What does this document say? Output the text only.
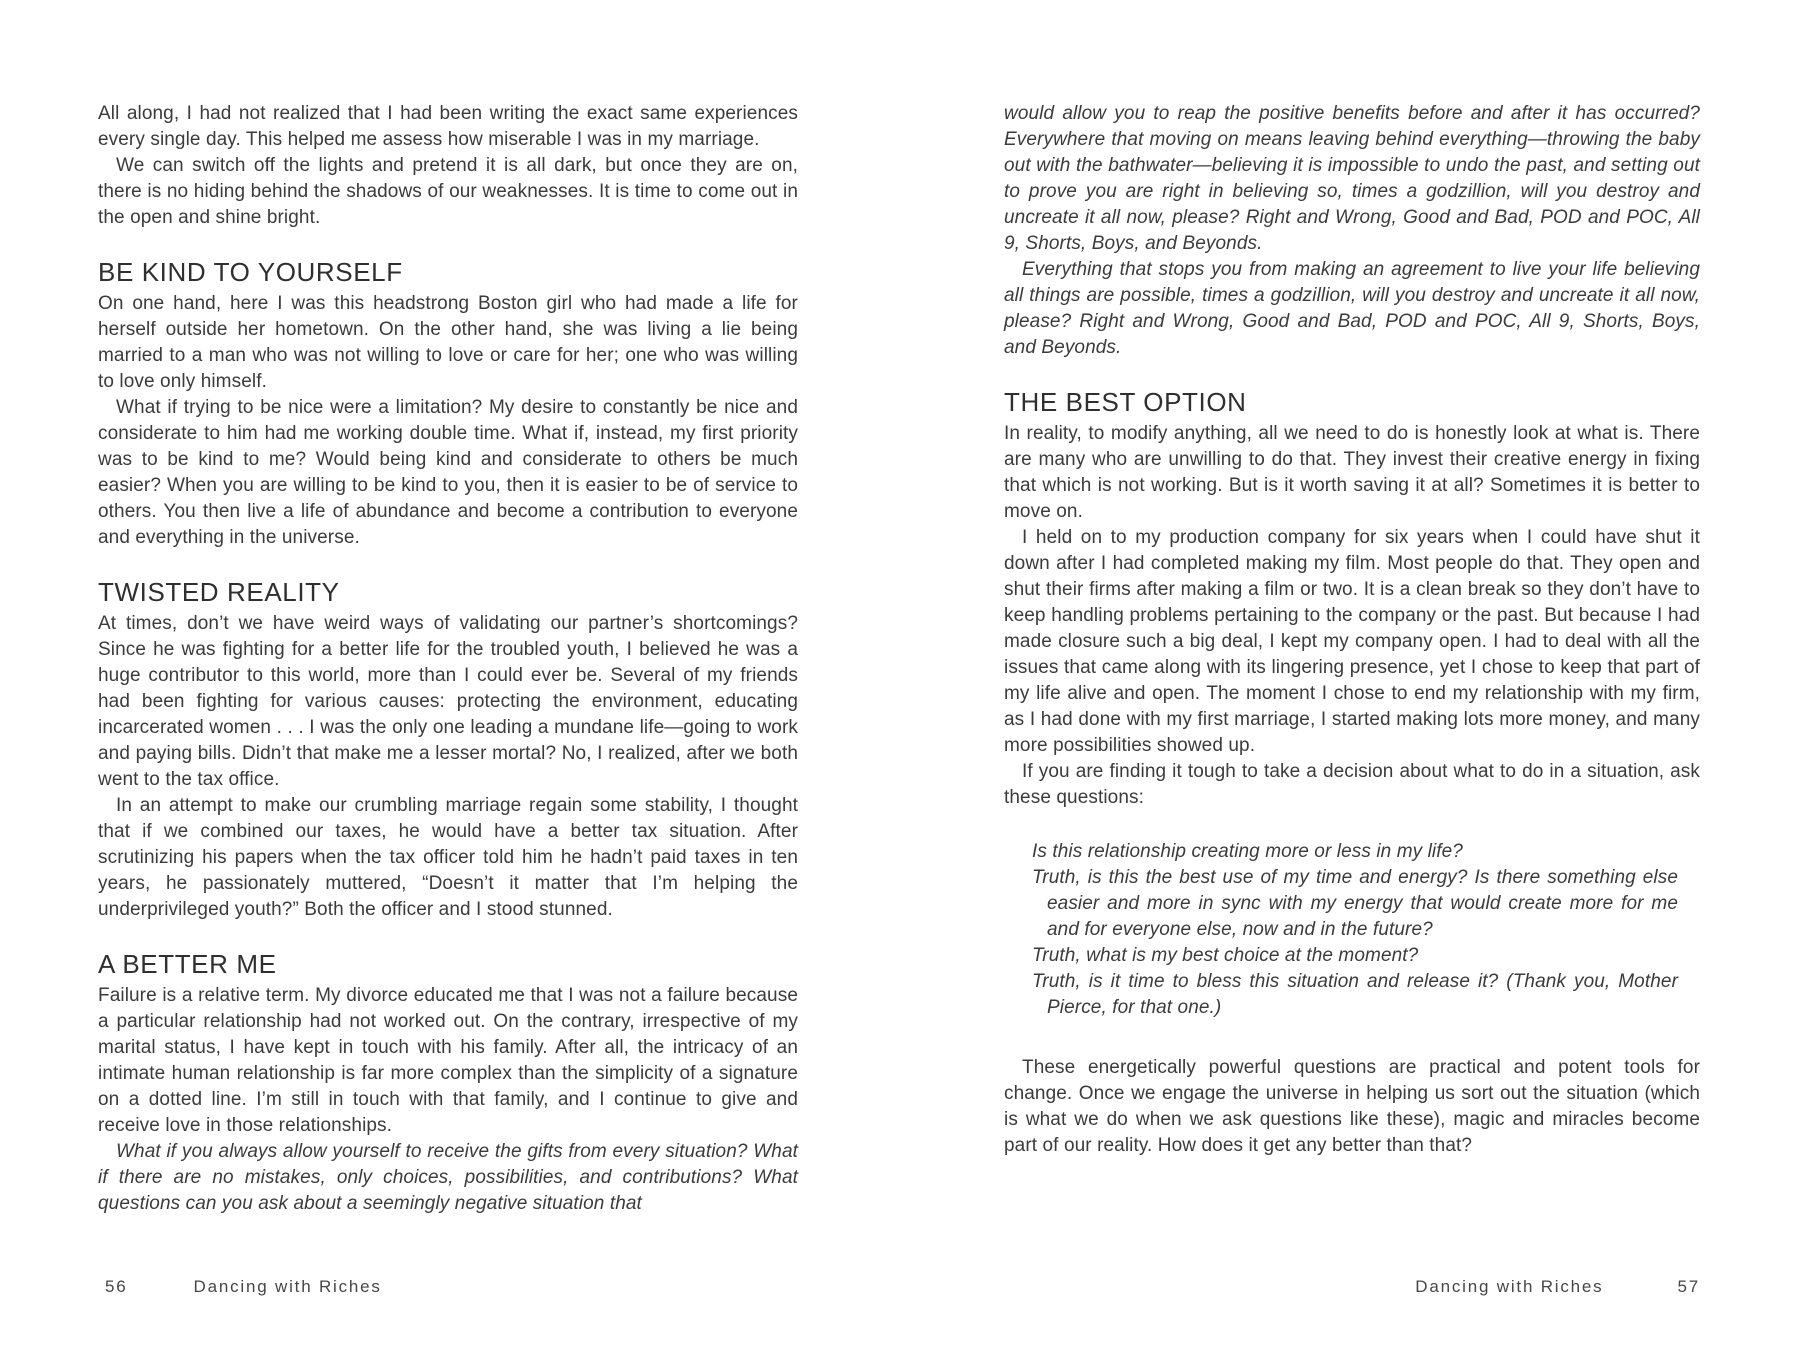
All along, I had not realized that I had been writing the exact same experiences every single day. This helped me assess how miserable I was in my marriage.

We can switch off the lights and pretend it is all dark, but once they are on, there is no hiding behind the shadows of our weaknesses. It is time to come out in the open and shine bright.

BE KIND TO YOURSELF

On one hand, here I was this headstrong Boston girl who had made a life for herself outside her hometown. On the other hand, she was living a lie being married to a man who was not willing to love or care for her; one who was willing to love only himself.

What if trying to be nice were a limitation? My desire to constantly be nice and considerate to him had me working double time. What if, instead, my first priority was to be kind to me? Would being kind and considerate to others be much easier? When you are willing to be kind to you, then it is easier to be of service to others. You then live a life of abundance and become a contribution to everyone and everything in the universe.

TWISTED REALITY

At times, don’t we have weird ways of validating our partner’s shortcomings? Since he was fighting for a better life for the troubled youth, I believed he was a huge contributor to this world, more than I could ever be. Several of my friends had been fighting for various causes: protecting the environment, educating incarcerated women . . . I was the only one leading a mundane life—going to work and paying bills. Didn’t that make me a lesser mortal? No, I realized, after we both went to the tax office.

In an attempt to make our crumbling marriage regain some stability, I thought that if we combined our taxes, he would have a better tax situation. After scrutinizing his papers when the tax officer told him he hadn’t paid taxes in ten years, he passionately muttered, “Doesn’t it matter that I’m helping the underprivileged youth?” Both the officer and I stood stunned.

A BETTER ME

Failure is a relative term. My divorce educated me that I was not a failure because a particular relationship had not worked out. On the contrary, irrespective of my marital status, I have kept in touch with his family. After all, the intricacy of an intimate human relationship is far more complex than the simplicity of a signature on a dotted line. I’m still in touch with that family, and I continue to give and receive love in those relationships.

What if you always allow yourself to receive the gifts from every situation? What if there are no mistakes, only choices, possibilities, and contributions? What questions can you ask about a seemingly negative situation that

would allow you to reap the positive benefits before and after it has occurred? Everywhere that moving on means leaving behind everything—throwing the baby out with the bathwater—believing it is impossible to undo the past, and setting out to prove you are right in believing so, times a godzillion, will you destroy and uncreate it all now, please? Right and Wrong, Good and Bad, POD and POC, All 9, Shorts, Boys, and Beyonds.

Everything that stops you from making an agreement to live your life believing all things are possible, times a godzillion, will you destroy and uncreate it all now, please? Right and Wrong, Good and Bad, POD and POC, All 9, Shorts, Boys, and Beyonds.

THE BEST OPTION

In reality, to modify anything, all we need to do is honestly look at what is. There are many who are unwilling to do that. They invest their creative energy in fixing that which is not working. But is it worth saving it at all? Sometimes it is better to move on.

I held on to my production company for six years when I could have shut it down after I had completed making my film. Most people do that. They open and shut their firms after making a film or two. It is a clean break so they don’t have to keep handling problems pertaining to the company or the past. But because I had made closure such a big deal, I kept my company open. I had to deal with all the issues that came along with its lingering presence, yet I chose to keep that part of my life alive and open. The moment I chose to end my relationship with my firm, as I had done with my first marriage, I started making lots more money, and many more possibilities showed up.

If you are finding it tough to take a decision about what to do in a situation, ask these questions:

Is this relationship creating more or less in my life?
Truth, is this the best use of my time and energy? Is there something else easier and more in sync with my energy that would create more for me and for everyone else, now and in the future?
Truth, what is my best choice at the moment?
Truth, is it time to bless this situation and release it? (Thank you, Mother Pierce, for that one.)

These energetically powerful questions are practical and potent tools for change. Once we engage the universe in helping us sort out the situation (which is what we do when we ask questions like these), magic and miracles become part of our reality. How does it get any better than that?

56	Dancing with Riches	Dancing with Riches	57
